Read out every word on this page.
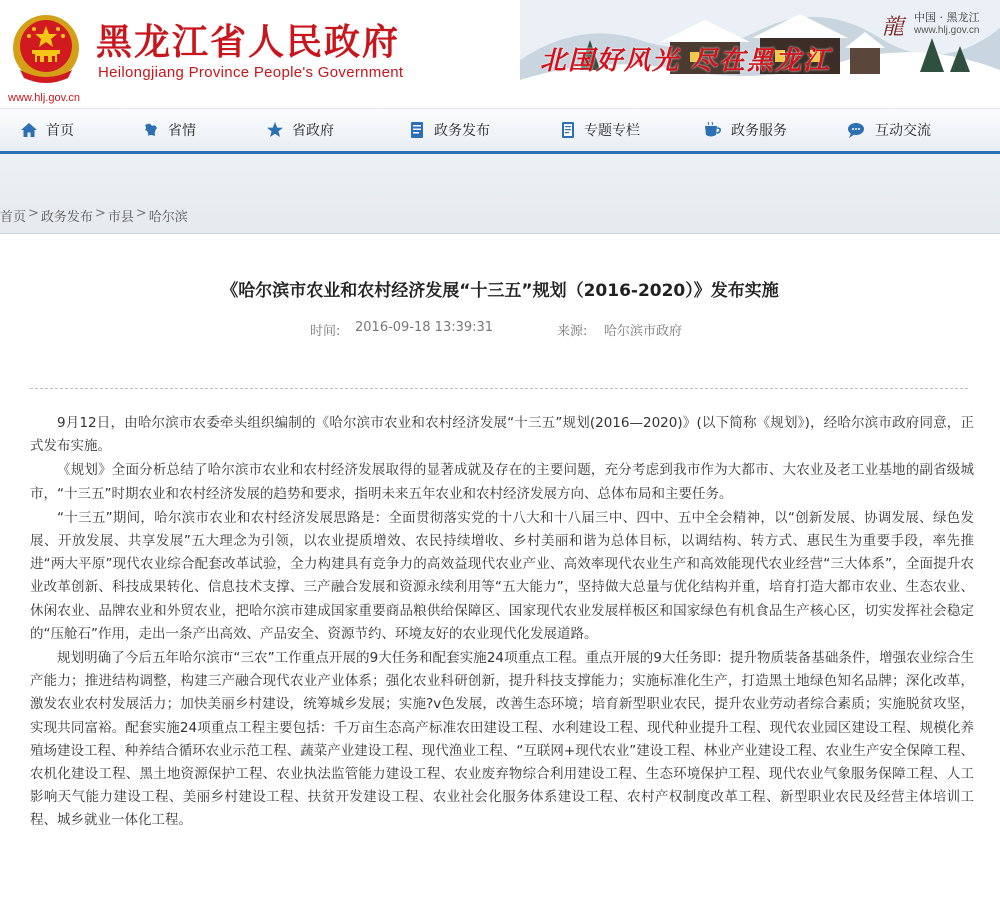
黑龙江省人民政府
Heilongjiang Province People's Government
www.hlj.gov.cn
北国好风光 尽在黑龙江
龍 中国 · 黑龙江
www.hlj.gov.cn
首页	省情	省政府	政务发布	专题专栏	政务服务	互动交流
首页 > 政务发布 > 市县 > 哈尔滨
《哈尔滨市农业和农村经济发展“十三五”规划（2016-2020）》发布实施
时间: 2016-09-18 13:39:31	来源: 哈尔滨市政府

9月12日，由哈尔滨市农委牵头组织编制的《哈尔滨市农业和农村经济发展“十三五”规划(2016—2020)》(以下简称《规划》)，经哈尔滨市政府同意，正式发布实施。

《规划》全面分析总结了哈尔滨市农业和农村经济发展取得的显著成就及存在的主要问题，充分考虑到我市作为大都市、大农业及老工业基地的副省级城市，“十三五”时期农业和农村经济发展的趋势和要求，指明未来五年农业和农村经济发展方向、总体布局和主要任务。

“十三五”期间，哈尔滨市农业和农村经济发展思路是：全面贯彻落实党的十八大和十八届三中、四中、五中全会精神，以“创新发展、协调发展、绿色发展、开放发展、共享发展”五大理念为引领，以农业提质增效、农民持续增收、乡村美丽和谐为总体目标，以调结构、转方式、惠民生为重要手段，率先推进“两大平原”现代农业综合配套改革试验，全力构建具有竞争力的高效益现代农业产业、高效率现代农业生产和高效能现代农业经营“三大体系”，全面提升农业改革创新、科技成果转化、信息技术支撑、三产融合发展和资源永续利用等“五大能力”，坚持做大总量与优化结构并重，培育打造大都市农业、生态农业、休闲农业、品牌农业和外贸农业，把哈尔滨市建成国家重要商品粮供给保障区、国家现代农业发展样板区和国家绿色有机食品生产核心区，切实发挥社会稳定的“压舱石”作用，走出一条产出高效、产品安全、资源节约、环境友好的农业现代化发展道路。

规划明确了今后五年哈尔滨市“三农”工作重点开展的9大任务和配套实施24项重点工程。重点开展的9大任务即：提升物质装备基础条件，增强农业综合生产能力；推进结构调整，构建三产融合现代农业产业体系；强化农业科研创新，提升科技支撑能力；实施标准化生产，打造黑土地绿色知名品牌；深化改革，激发农业农村发展活力；加快美丽乡村建设，统筹城乡发展；实施?v色发展，改善生态环境；培育新型职业农民，提升农业劳动者综合素质；实施脱贫攻坚，实现共同富裕。配套实施24项重点工程主要包括：千万亩生态高产标准农田建设工程、水利建设工程、现代种业提升工程、现代农业园区建设工程、规模化养殖场建设工程、种养结合循环农业示范工程、蔬菜产业建设工程、现代渔业工程、“互联网+现代农业”建设工程、林业产业建设工程、农业生产安全保障工程、农机化建设工程、黑土地资源保护工程、农业执法监管能力建设工程、农业废弃物综合利用建设工程、生态环境保护工程、现代农业气象服务保障工程、人工影响天气能力建设工程、美丽乡村建设工程、扶贫开发建设工程、农业社会化服务体系建设工程、农村产权制度改革工程、新型职业农民及经营主体培训工程、城乡就业一体化工程。
